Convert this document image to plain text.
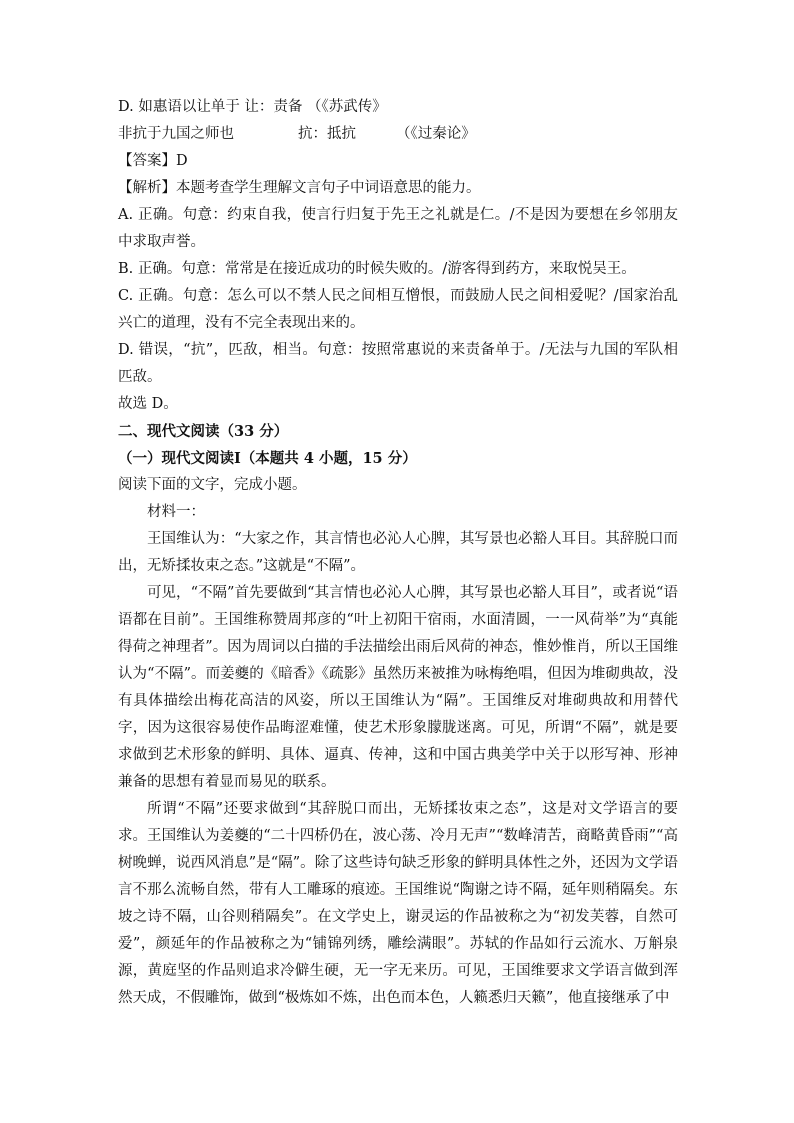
D. 如惠语以让单于 让：责备 （《苏武传》
非抗于九国之师也	抗：抵抗	（《过秦论》
【答案】D
【解析】本题考查学生理解文言句子中词语意思的能力。
A. 正确。句意：约束自我，使言行归复于先王之礼就是仁。/不是因为要想在乡邻朋友中求取声誉。
B. 正确。句意：常常是在接近成功的时候失败的。/游客得到药方，来取悦吴王。
C. 正确。句意：怎么可以不禁人民之间相互憎恨，而鼓励人民之间相爱呢？/国家治乱兴亡的道理，没有不完全表现出来的。
D. 错误，“抗”，匹敌，相当。句意：按照常惠说的来责备单于。/无法与九国的军队相匹敌。
故选 D。
二、现代文阅读（33 分）
（一）现代文阅读Ⅰ（本题共 4 小题，15 分）
阅读下面的文字，完成小题。
材料一：
王国维认为：“大家之作，其言情也必沁人心脾，其写景也必豁人耳目。其辞脱口而出，无矫揉妆束之态。”这就是“不隔”。
可见，“不隔”首先要做到“其言情也必沁人心脾，其写景也必豁人耳目”，或者说“语语都在目前”。王国维称赞周邦彦的“叶上初阳干宿雨，水面清圆，一一风荷举”为“真能得荷之神理者”。因为周词以白描的手法描绘出雨后风荷的神态，惟妙惟肖，所以王国维认为“不隔”。而姜夔的《暗香》《疏影》虽然历来被推为咏梅绝唱，但因为堆砌典故，没有具体描绘出梅花高洁的风姿，所以王国维认为“隔”。王国维反对堆砌典故和用替代字，因为这很容易使作品晦涩难懂，使艺术形象朦胧迷离。可见，所谓“不隔”，就是要求做到艺术形象的鲜明、具体、逼真、传神，这和中国古典美学中关于以形写神、形神兼备的思想有着显而易见的联系。
所谓“不隔”还要求做到“其辞脱口而出，无矫揉妆束之态”，这是对文学语言的要求。王国维认为姜夔的“二十四桥仍在，波心荡、冷月无声”“数峰清苦，商略黄昏雨”“高树晚蝉，说西风消息”是“隔”。除了这些诗句缺乏形象的鲜明具体性之外，还因为文学语言不那么流畅自然，带有人工雕琢的痕迹。王国维说“陶谢之诗不隔，延年则稍隔矣。东坡之诗不隔，山谷则稍隔矣”。在文学史上，谢灵运的作品被称之为“初发芙蓉，自然可爱”，颜延年的作品被称之为“铺锦列绣，雕绘满眼”。苏轼的作品如行云流水、万斛泉源，黄庭坚的作品则追求冷僻生硬，无一字无来历。可见，王国维要求文学语言做到浑然天成，不假雕饰，做到“极炼如不炼，出色而本色，人籁悉归天籁”，他直接继承了中
